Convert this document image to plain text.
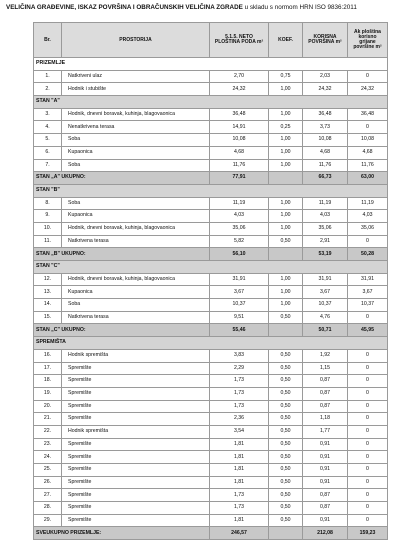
VELIČINA GRAĐEVINE, ISKAZ POVRŠINA I OBRAČUNSKIH VELIČINA ZGRADE u skladu s normom HRN ISO 9836:2011
Br.	PROSTORIJA	5.1.5. NETO PLOŠTINA PODA m²	KOEF.	KORISNA POVRŠINA m²	Ak ploština korisno grijane površine m²
PRIZEMLJE					
1.	Natkriveni ulaz	2,70	0,75	2,03	0
2.	Hodnik i stubište	24,32	1,00	24,32	24,32
STAN "A"					
3.	Hodnik, dnevni boravak, kuhinja, blagovaonica	36,48	1,00	36,48	36,48
4.	Nenatkrivena terasa	14,91	0,25	3,73	0
5.	Soba	10,08	1,00	10,08	10,08
6.	Kupaonica	4,68	1,00	4,68	4,68
7.	Soba	11,76	1,00	11,76	11,76
STAN „A" UKUPNO:		77,91		66,73	63,00
STAN "B"					
8.	Soba	11,19	1,00	11,19	11,19
9.	Kupaonica	4,03	1,00	4,03	4,03
10.	Hodnik, dnevni boravak, kuhinja, blagovaonica	35,06	1,00	35,06	35,06
11.	Natkrivena terasa	5,82	0,50	2,91	0
STAN „B" UKUPNO:		56,10		53,19	50,28
STAN "C"					
12.	Hodnik, dnevni boravak, kuhinja, blagovaonica	31,91	1,00	31,91	31,91
13.	Kupaonica	3,67	1,00	3,67	3,67
14.	Soba	10,37	1,00	10,37	10,37
15.	Natkrivena terasa	9,51	0,50	4,76	0
STAN „C" UKUPNO:		55,46		50,71	45,95
SPREMIŠTA					
16.	Hodnik spremišta	3,83	0,50	1,92	0
17.	Spremište	2,29	0,50	1,15	0
18.	Spremište	1,73	0,50	0,87	0
19.	Spremište	1,73	0,50	0,87	0
20.	Spremište	1,73	0,50	0,87	0
21.	Spremište	2,36	0,50	1,18	0
22.	Hodnik spremišta	3,54	0,50	1,77	0
23.	Spremište	1,81	0,50	0,91	0
24.	Spremište	1,81	0,50	0,91	0
25.	Spremište	1,81	0,50	0,91	0
26.	Spremište	1,81	0,50	0,91	0
27.	Spremište	1,73	0,50	0,87	0
28.	Spremište	1,73	0,50	0,87	0
29.	Spremište	1,81	0,50	0,91	0
SVEUKUPNO PRIZEMLJE:		246,57		212,08	159,23
